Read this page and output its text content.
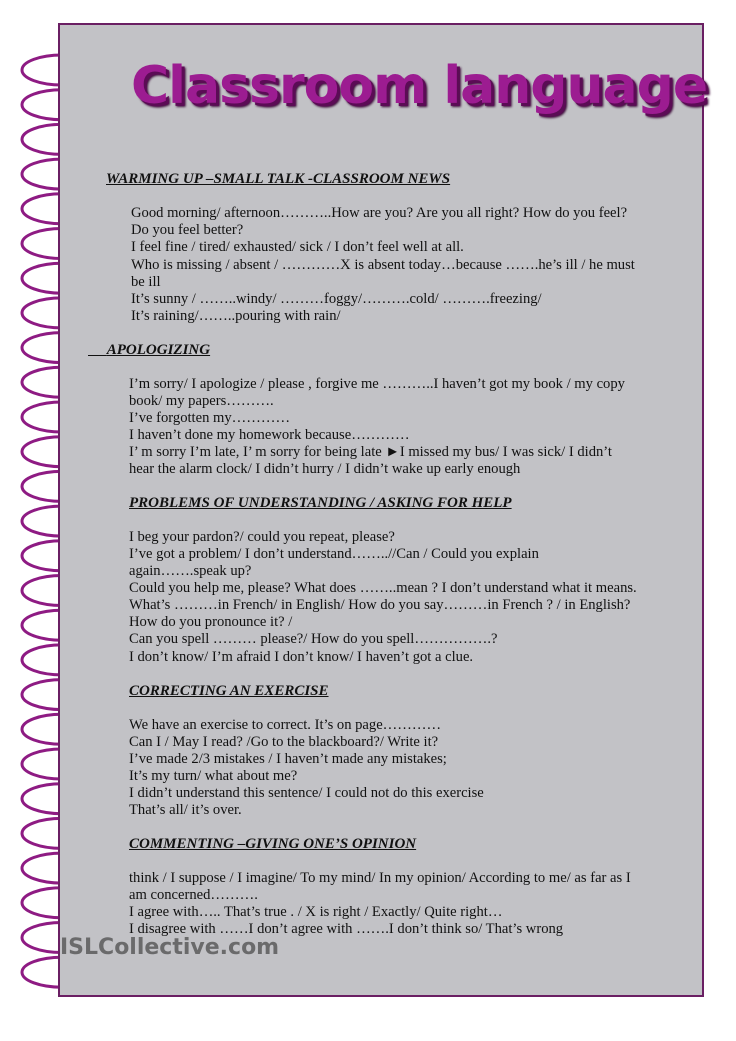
Classroom language

WARMING UP –SMALL TALK -CLASSROOM NEWS

Good morning/ afternoon………..How are you? Are you all right? How do you feel?

Do you feel better?

I feel fine / tired/ exhausted/ sick / I don’t feel well at all.

Who is missing / absent / …………X is absent today…because …….he’s ill / he must

be ill

It’s sunny / ……..windy/ ………foggy/……….cold/ ……….freezing/

It’s raining/……..pouring with rain/

APOLOGIZING

I’m sorry/ I apologize / please , forgive me ………..I haven’t got my book / my copy

book/ my papers……….

I’ve forgotten my…………

I haven’t done my homework because…………

I’ m sorry I’m late, I’ m sorry for being late ►I missed my bus/ I was sick/ I didn’t

hear the alarm clock/ I didn’t hurry / I didn’t wake up early enough

PROBLEMS OF UNDERSTANDING / ASKING FOR HELP

I beg your pardon?/ could you repeat, please?

I’ve got a problem/ I don’t understand……..//Can / Could you explain

again…….speak up?

Could you help me, please? What does ……..mean ? I don’t understand what it means.

What’s ………in French/ in English/ How do you say………in French ? / in English?

How do you pronounce it? /

Can you spell ……… please?/ How do you spell…………….?

I don’t know/ I’m afraid I don’t know/ I haven’t got a clue.

CORRECTING AN EXERCISE

We have an exercise to correct. It’s on page…………

Can I / May I read? /Go to the blackboard?/ Write it?

I’ve made 2/3 mistakes / I haven’t made any mistakes;

It’s my turn/ what about me?

I didn’t understand this sentence/ I could not do this exercise

That’s all/ it’s over.

COMMENTING –GIVING ONE’S OPINION

think / I suppose / I imagine/ To my mind/ In my opinion/ According to me/ as far as I

am concerned……….

I agree with….. That’s true . / X is right / Exactly/ Quite right…

I disagree with ……I don’t agree with …….I don’t think so/ That’s wrong

ISLCollective.com
